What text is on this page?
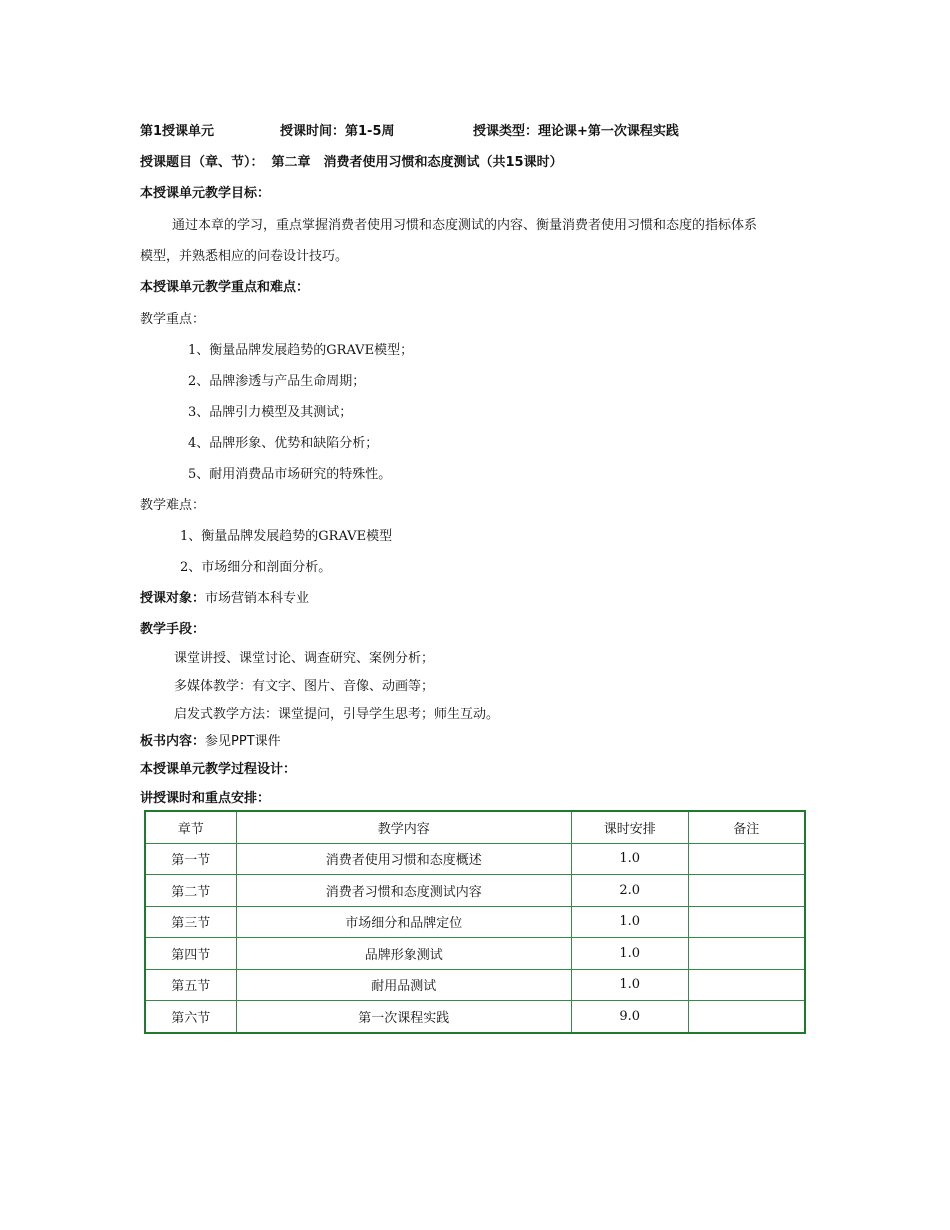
第1授课单元	授课时间：第1-5周	授课类型：理论课+第一次课程实践
授课题目（章、节）： 第二章　消费者使用习惯和态度测试（共15课时）
本授课单元教学目标：
通过本章的学习，重点掌握消费者使用习惯和态度测试的内容、衡量消费者使用习惯和态度的指标体系
模型，并熟悉相应的问卷设计技巧。
本授课单元教学重点和难点：
教学重点：
1、衡量品牌发展趋势的GRAVE模型；
2、品牌渗透与产品生命周期；
3、品牌引力模型及其测试；
4、品牌形象、优势和缺陷分析；
5、耐用消费品市场研究的特殊性。
教学难点：
1、衡量品牌发展趋势的GRAVE模型
2、市场细分和剖面分析。
授课对象：市场营销本科专业
教学手段：
课堂讲授、课堂讨论、调查研究、案例分析；
多媒体教学：有文字、图片、音像、动画等；
启发式教学方法：课堂提问，引导学生思考；师生互动。
板书内容：参见PPT课件
本授课单元教学过程设计：
讲授课时和重点安排：
章节	教学内容	课时安排	备注
第一节	消费者使用习惯和态度概述	1.0	
第二节	消费者习惯和态度测试内容	2.0	
第三节	市场细分和品牌定位	1.0	
第四节	品牌形象测试	1.0	
第五节	耐用品测试	1.0	
第六节	第一次课程实践	9.0	
